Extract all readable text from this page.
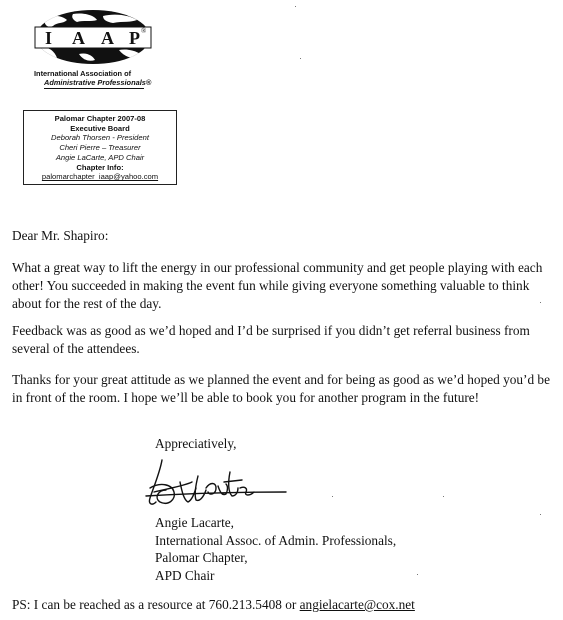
I A A P ®
International Association of
Administrative Professionals®
Palomar Chapter 2007-08
Executive Board
Deborah Thorsen - President
Cheri Pierre – Treasurer
Angie LaCarte, APD Chair
Chapter Info:
palomarchapter_iaap@yahoo.com
Dear Mr. Shapiro:
What a great way to lift the energy in our professional community and get people playing with each
other! You succeeded in making the event fun while giving everyone something valuable to think
about for the rest of the day.
Feedback was as good as we’d hoped and I’d be surprised if you didn’t get referral business from
several of the attendees.
Thanks for your great attitude as we planned the event and for being as good as we’d hoped you’d be
in front of the room. I hope we’ll be able to book you for another program in the future!
Appreciatively,
Angie Lacarte,
International Assoc. of Admin. Professionals,
Palomar Chapter,
APD Chair
PS: I can be reached as a resource at 760.213.5408 or angielacarte@cox.net
